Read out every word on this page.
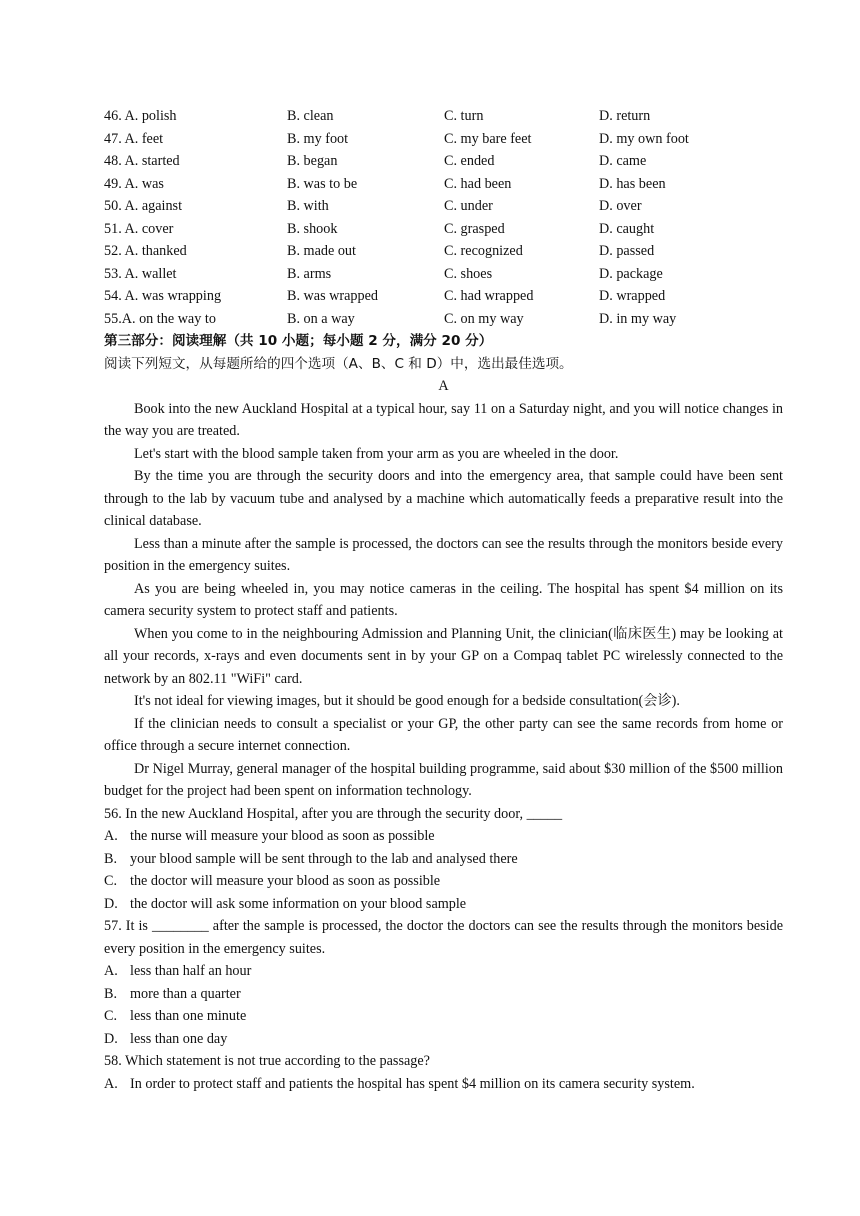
46. A. polish	B. clean	C. turn	D. return
47. A. feet	B. my foot	C. my bare feet	D. my own foot
48. A. started	B. began	C. ended	D. came
49. A. was	B. was to be	C. had been	D. has been
50. A. against	B. with	C. under	D. over
51. A. cover	B. shook	C. grasped	D. caught
52. A. thanked	B. made out	C. recognized	D. passed
53. A. wallet	B. arms	C. shoes	D. package
54. A. was wrapping	B. was wrapped	C. had wrapped	D. wrapped
55.A. on the way to	B. on a way	C. on my way	D. in my way
第三部分：阅读理解（共 10 小题；每小题 2 分，满分 20 分）
阅读下列短文，从每题所给的四个选项（A、B、C 和 D）中，选出最佳选项。
A

Book into the new Auckland Hospital at a typical hour, say 11 on a Saturday night, and you will notice changes in the way you are treated.

Let's start with the blood sample taken from your arm as you are wheeled in the door.

By the time you are through the security doors and into the emergency area, that sample could have been sent through to the lab by vacuum tube and analysed by a machine which automatically feeds a preparative result into the clinical database.

Less than a minute after the sample is processed, the doctors can see the results through the monitors beside every position in the emergency suites.

As you are being wheeled in, you may notice cameras in the ceiling. The hospital has spent $4 million on its camera security system to protect staff and patients.

When you come to in the neighbouring Admission and Planning Unit, the clinician(临床医生) may be looking at all your records, x-rays and even documents sent in by your GP on a Compaq tablet PC wirelessly connected to the network by an 802.11 "WiFi" card.

It's not ideal for viewing images, but it should be good enough for a bedside consultation(会诊).

If the clinician needs to consult a specialist or your GP, the other party can see the same records from home or office through a secure internet connection.

Dr Nigel Murray, general manager of the hospital building programme, said about $30 million of the $500 million budget for the project had been spent on information technology.

56. In the new Auckland Hospital, after you are through the security door, _____

A. the nurse will measure your blood as soon as possible
B. your blood sample will be sent through to the lab and analysed there
C. the doctor will measure your blood as soon as possible
D. the doctor will ask some information on your blood sample

57. It is ________ after the sample is processed, the doctor the doctors can see the results through the monitors beside every position in the emergency suites.

A. less than half an hour
B. more than a quarter
C. less than one minute
D. less than one day

58. Which statement is not true according to the passage?

A. In order to protect staff and patients the hospital has spent $4 million on its camera security system.
